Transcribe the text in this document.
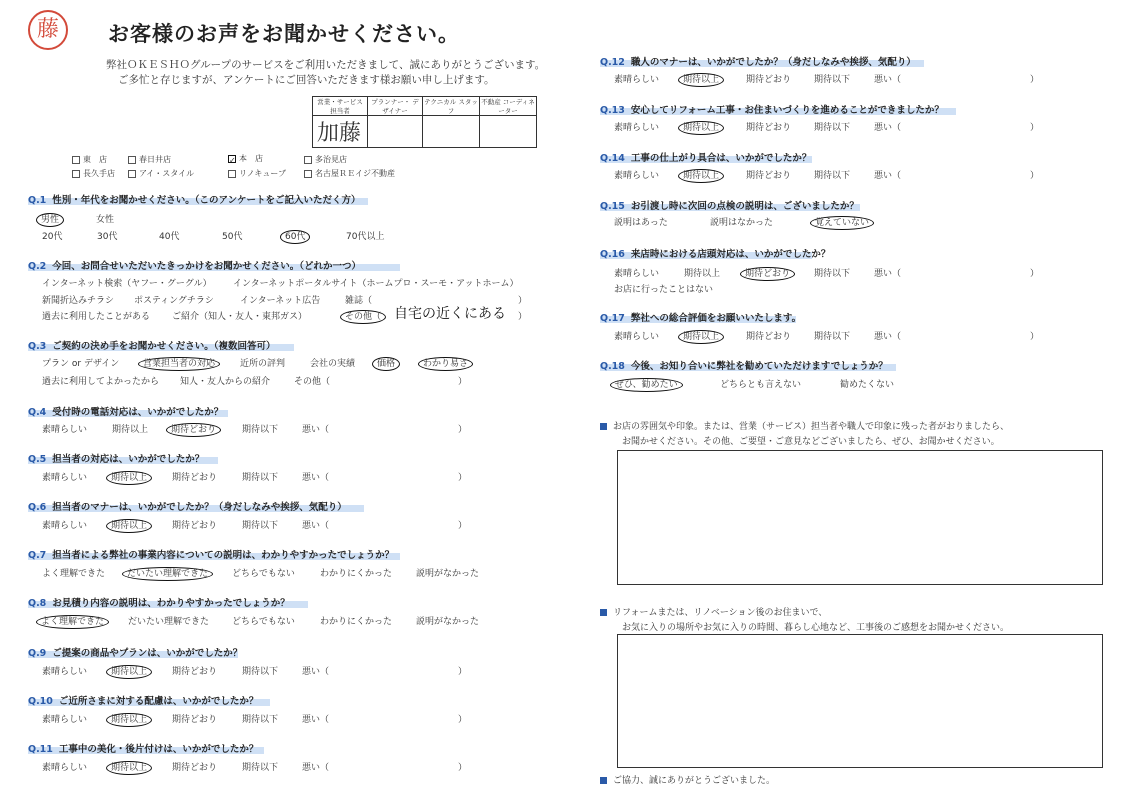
藤	お客様のお声をお聞かせください。
弊社ＯＫＥＳＨＯグループのサービスをご利用いただきまして、誠にありがとうございます。
ご多忙と存じますが、アンケートにご回答いただきます様お願い申し上げます。
営業・サービス 担当者	プランナー・ デザイナー	テクニカル スタッフ	不動産 コーディネーター
加藤			
東　店	春日井店	✓ 本　店	多治見店
長久手店	アイ・スタイル	リノキューブ	名古屋ＲＥイジ不動産
Q.1 性別・年代をお聞かせください。（このアンケートをご記入いただく方）
男性	女性
20代	30代	40代	50代	60代	70代以上
Q.2 今回、お問合せいただいたきっかけをお聞かせください。（どれか一つ）
インターネット検索（ヤフー・グーグル） インターネットポータルサイト（ホームプロ・スーモ・アットホーム）
新聞折込みチラシ ポスティングチラシ	インターネット広告	雑誌（	）
過去に利用したことがある ご紹介（知人・友人・東邦ガス）	その他（ 自宅の近くにある ）
Q.3 ご契約の決め手をお聞かせください。（複数回答可）
プラン or デザイン	営業担当者の対応	近所の評判	会社の実績 価格	わかり易さ
過去に利用してよかったから 知人・友人からの紹介	その他（	）
Q.4 受付時の電話対応は、いかがでしたか？
素晴らしい	期待以上	期待どおり	期待以下	悪い（	）
Q.5 担当者の対応は、いかがでしたか？
素晴らしい	期待以上	期待どおり	期待以下	悪い（	）
Q.6 担当者のマナーは、いかがでしたか？（身だしなみや挨拶、気配り）
素晴らしい	期待以上	期待どおり	期待以下	悪い（	）
Q.7 担当者による弊社の事業内容についての説明は、わかりやすかったでしょうか？
よく理解できた だいたい理解できた	どちらでもない	わかりにくかった	説明がなかった
Q.8 お見積り内容の説明は、わかりやすかったでしょうか？
よく理解できた	だいたい理解できた	どちらでもない	わかりにくかった	説明がなかった
Q.9 ご提案の商品やプランは、いかがでしたか？
素晴らしい	期待以上	期待どおり	期待以下	悪い（	）
Q.10 ご近所さまに対する配慮は、いかがでしたか？
素晴らしい	期待以上	期待どおり	期待以下	悪い（	）
Q.11 工事中の美化・後片付けは、いかがでしたか？
素晴らしい	期待以上	期待どおり	期待以下	悪い（	）
Q.12 職人のマナーは、いかがでしたか？（身だしなみや挨拶、気配り）
素晴らしい	期待以上	期待どおり	期待以下	悪い（	）
Q.13 安心してリフォーム工事・お住まいづくりを進めることができましたか？
素晴らしい	期待以上	期待どおり	期待以下	悪い（	）
Q.14 工事の仕上がり具合は、いかがでしたか？
素晴らしい	期待以上	期待どおり	期待以下	悪い（	）
Q.15 お引渡し時に次回の点検の説明は、ございましたか？
説明はあった	説明はなかった	覚えていない
Q.16 来店時における店頭対応は、いかがでしたか？
素晴らしい	期待以上	期待どおり	期待以下	悪い（	）
お店に行ったことはない
Q.17 弊社への総合評価をお願いいたします。
素晴らしい	期待以上	期待どおり	期待以下	悪い（	）
Q.18 今後、お知り合いに弊社を勧めていただけますでしょうか？
ぜひ、勧めたい	どちらとも言えない	勧めたくない
お店の雰囲気や印象。または、営業（サービス）担当者や職人で印象に残った者がおりましたら、
お聞かせください。その他、ご要望・ご意見などございましたら、ぜひ、お聞かせください。
リフォームまたは、リノベーション後のお住まいで、
お気に入りの場所やお気に入りの時間、暮らし心地など、工事後のご感想をお聞かせください。
ご協力、誠にありがとうございました。
